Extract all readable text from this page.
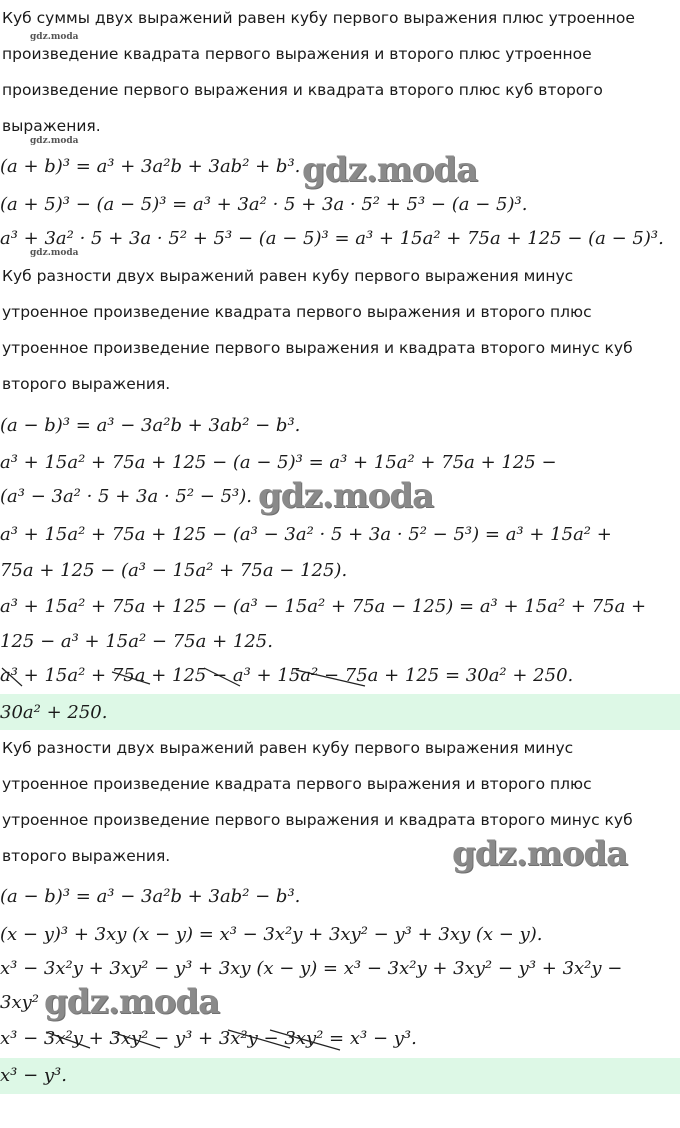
Куб суммы двух выражений равен кубу первого выражения плюс утроенное
произведение квадрата первого выражения и второго плюс утроенное
произведение первого выражения и квадрата второго плюс куб второго
выражения.
(a + b)³ = a³ + 3a²b + 3ab² + b³.
(a + 5)³ − (a − 5)³ = a³ + 3a² · 5 + 3a · 5² + 5³ − (a − 5)³.
a³ + 3a² · 5 + 3a · 5² + 5³ − (a − 5)³ = a³ + 15a² + 75a + 125 − (a − 5)³.
Куб разности двух выражений равен кубу первого выражения минус
утроенное произведение квадрата первого выражения и второго плюс
утроенное произведение первого выражения и квадрата второго минус куб
второго выражения.
(a − b)³ = a³ − 3a²b + 3ab² − b³.
a³ + 15a² + 75a + 125 − (a − 5)³ = a³ + 15a² + 75a + 125 −
(a³ − 3a² · 5 + 3a · 5² − 5³).
a³ + 15a² + 75a + 125 − (a³ − 3a² · 5 + 3a · 5² − 5³) = a³ + 15a² +
75a + 125 − (a³ − 15a² + 75a − 125).
a³ + 15a² + 75a + 125 − (a³ − 15a² + 75a − 125) = a³ + 15a² + 75a +
125 − a³ + 15a² − 75a + 125.
a³ + 15a² + 75a + 125 − a³ + 15a² − 75a + 125 = 30a² + 250.
30a² + 250.
Куб разности двух выражений равен кубу первого выражения минус
утроенное произведение квадрата первого выражения и второго плюс
утроенное произведение первого выражения и квадрата второго минус куб
второго выражения.
(a − b)³ = a³ − 3a²b + 3ab² − b³.
(x − y)³ + 3xy (x − y) = x³ − 3x²y + 3xy² − y³ + 3xy (x − y).
x³ − 3x²y + 3xy² − y³ + 3xy (x − y) = x³ − 3x²y + 3xy² − y³ + 3x²y −
3xy²
x³ − 3x²y + 3xy² − y³ + 3x²y − 3xy² = x³ − y³.
x³ − y³.
gdz.moda
gdz.moda
gdz.moda
gdz.moda
gdz.moda
gdz.moda
gdz.moda
